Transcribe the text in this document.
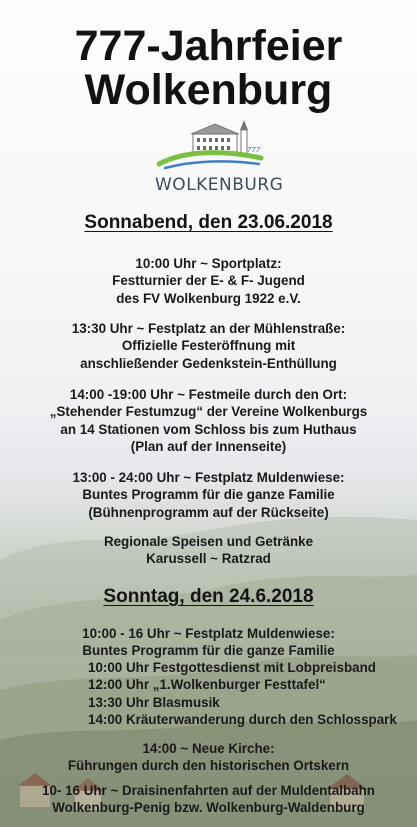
777-Jahrfeier
Wolkenburg
777
WOLKENBURG
Sonnabend, den 23.06.2018
10:00 Uhr ~ Sportplatz:
Festturnier der E- & F- Jugend
des FV Wolkenburg 1922 e.V.
13:30 Uhr ~ Festplatz an der Mühlenstraße:
Offizielle Festeröffnung mit
anschließender Gedenkstein-Enthüllung
14:00 -19:00 Uhr ~ Festmeile durch den Ort:
„Stehender Festumzug“ der Vereine Wolkenburgs
an 14 Stationen vom Schloss bis zum Huthaus
(Plan auf der Innenseite)
13:00 - 24:00 Uhr ~ Festplatz Muldenwiese:
Buntes Programm für die ganze Familie
(Bühnenprogramm auf der Rückseite)
Regionale Speisen und Getränke
Karussell ~ Ratzrad
Sonntag, den 24.6.2018
10:00 - 16 Uhr ~ Festplatz Muldenwiese:
Buntes Programm für die ganze Familie
10:00 Uhr Festgottesdienst mit Lobpreisband
12:00 Uhr „1.Wolkenburger Festtafel“
13:30 Uhr Blasmusik
14:00 Kräuterwanderung durch den Schlosspark
14:00 ~ Neue Kirche:
Führungen durch den historischen Ortskern
10- 16 Uhr ~ Draisinenfahrten auf der Muldentalbahn
Wolkenburg-Penig bzw. Wolkenburg-Waldenburg
